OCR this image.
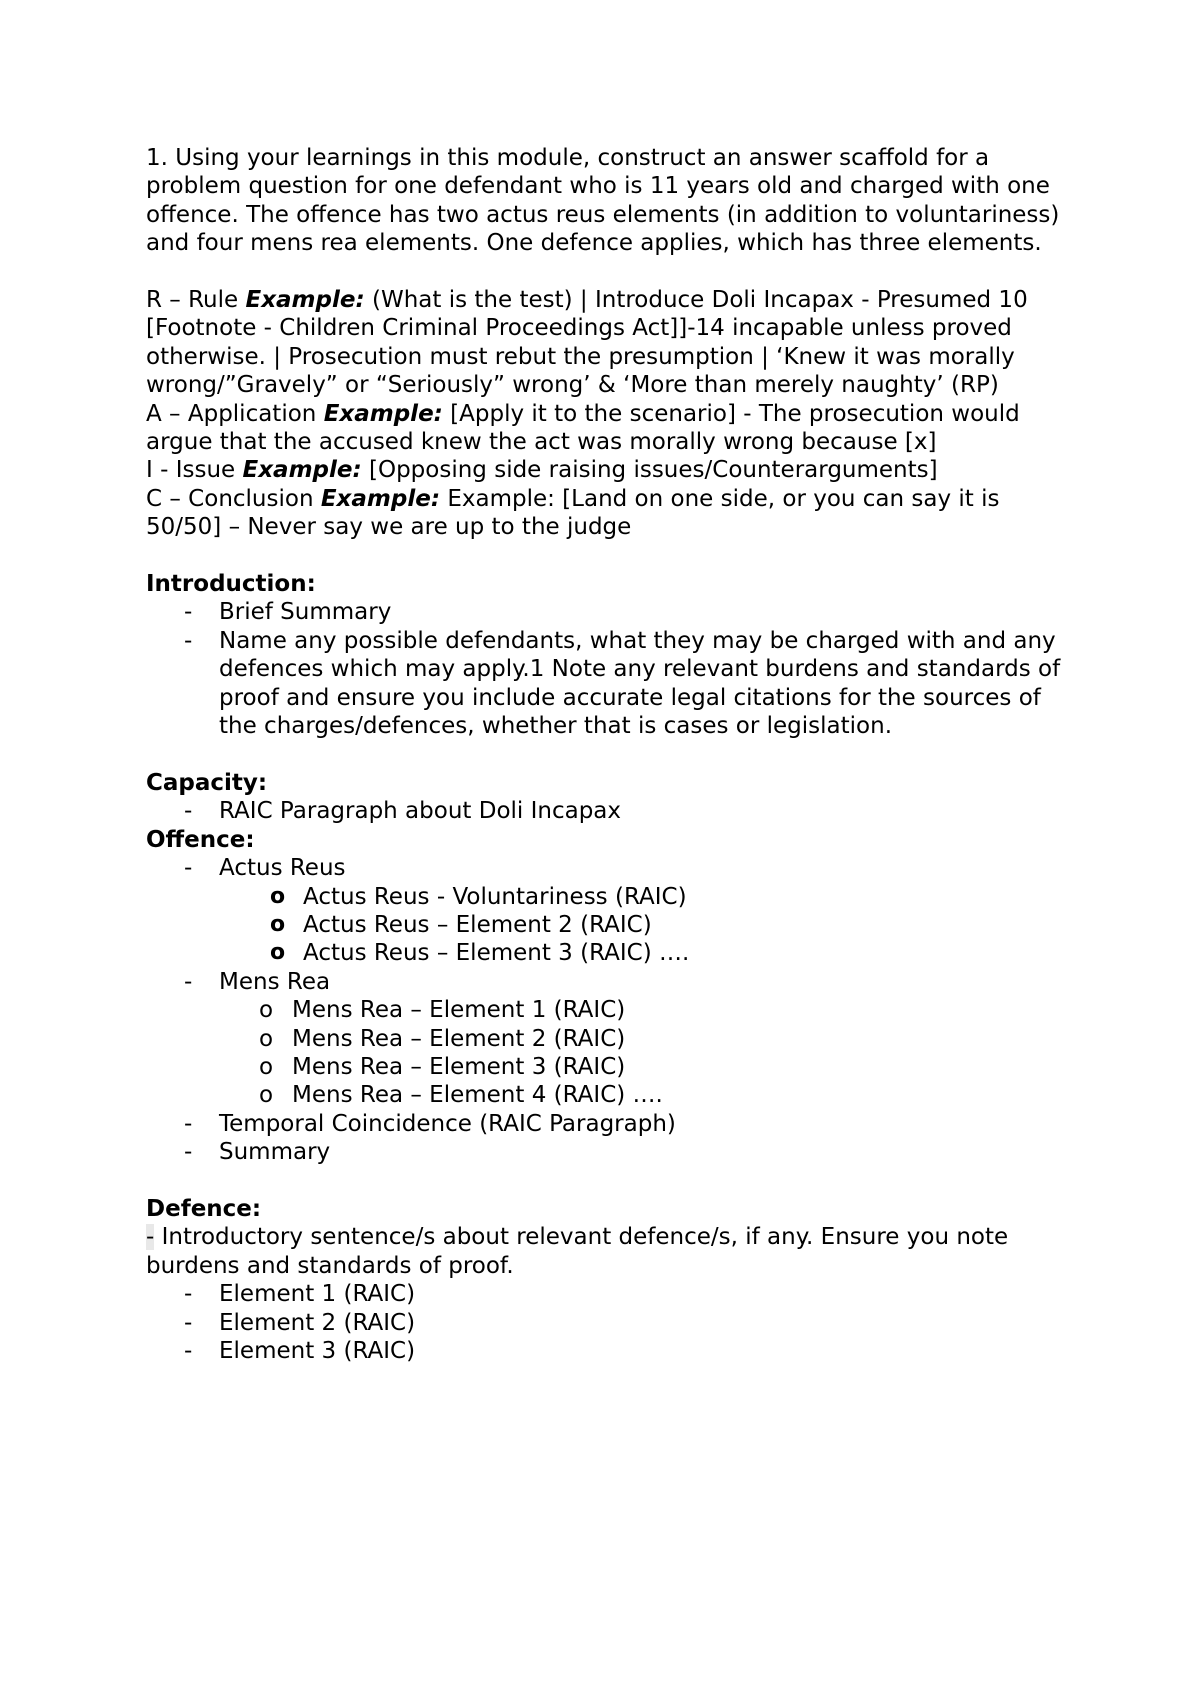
1. Using your learnings in this module, construct an answer scaffold for a problem question for one defendant who is 11 years old and charged with one offence. The offence has two actus reus elements (in addition to voluntariness) and four mens rea elements. One defence applies, which has three elements.

R – Rule Example: (What is the test) | Introduce Doli Incapax - Presumed 10 [Footnote - Children Criminal Proceedings Act]]-14 incapable unless proved otherwise. | Prosecution must rebut the presumption | ‘Knew it was morally wrong/”Gravely” or “Seriously” wrong’ & ‘More than merely naughty’ (RP)

A – Application Example: [Apply it to the scenario] - The prosecution would argue that the accused knew the act was morally wrong because [x]

I - Issue Example: [Opposing side raising issues/Counterarguments]

C – Conclusion Example: Example: [Land on one side, or you can say it is 50/50] – Never say we are up to the judge

Introduction:

- Brief Summary
- Name any possible defendants, what they may be charged with and any defences which may apply.1 Note any relevant burdens and standards of proof and ensure you include accurate legal citations for the sources of the charges/defences, whether that is cases or legislation.

Capacity:

- RAIC Paragraph about Doli Incapax

Offence:

- Actus Reus
o Actus Reus - Voluntariness (RAIC)
o Actus Reus – Element 2 (RAIC)
o Actus Reus – Element 3 (RAIC) ….
- Mens Rea
o Mens Rea – Element 1 (RAIC)
o Mens Rea – Element 2 (RAIC)
o Mens Rea – Element 3 (RAIC)
o Mens Rea – Element 4 (RAIC) ….
- Temporal Coincidence (RAIC Paragraph)
- Summary

Defence:

- Introductory sentence/s about relevant defence/s, if any. Ensure you note

burdens and standards of proof.

- Element 1 (RAIC)
- Element 2 (RAIC)
- Element 3 (RAIC)
